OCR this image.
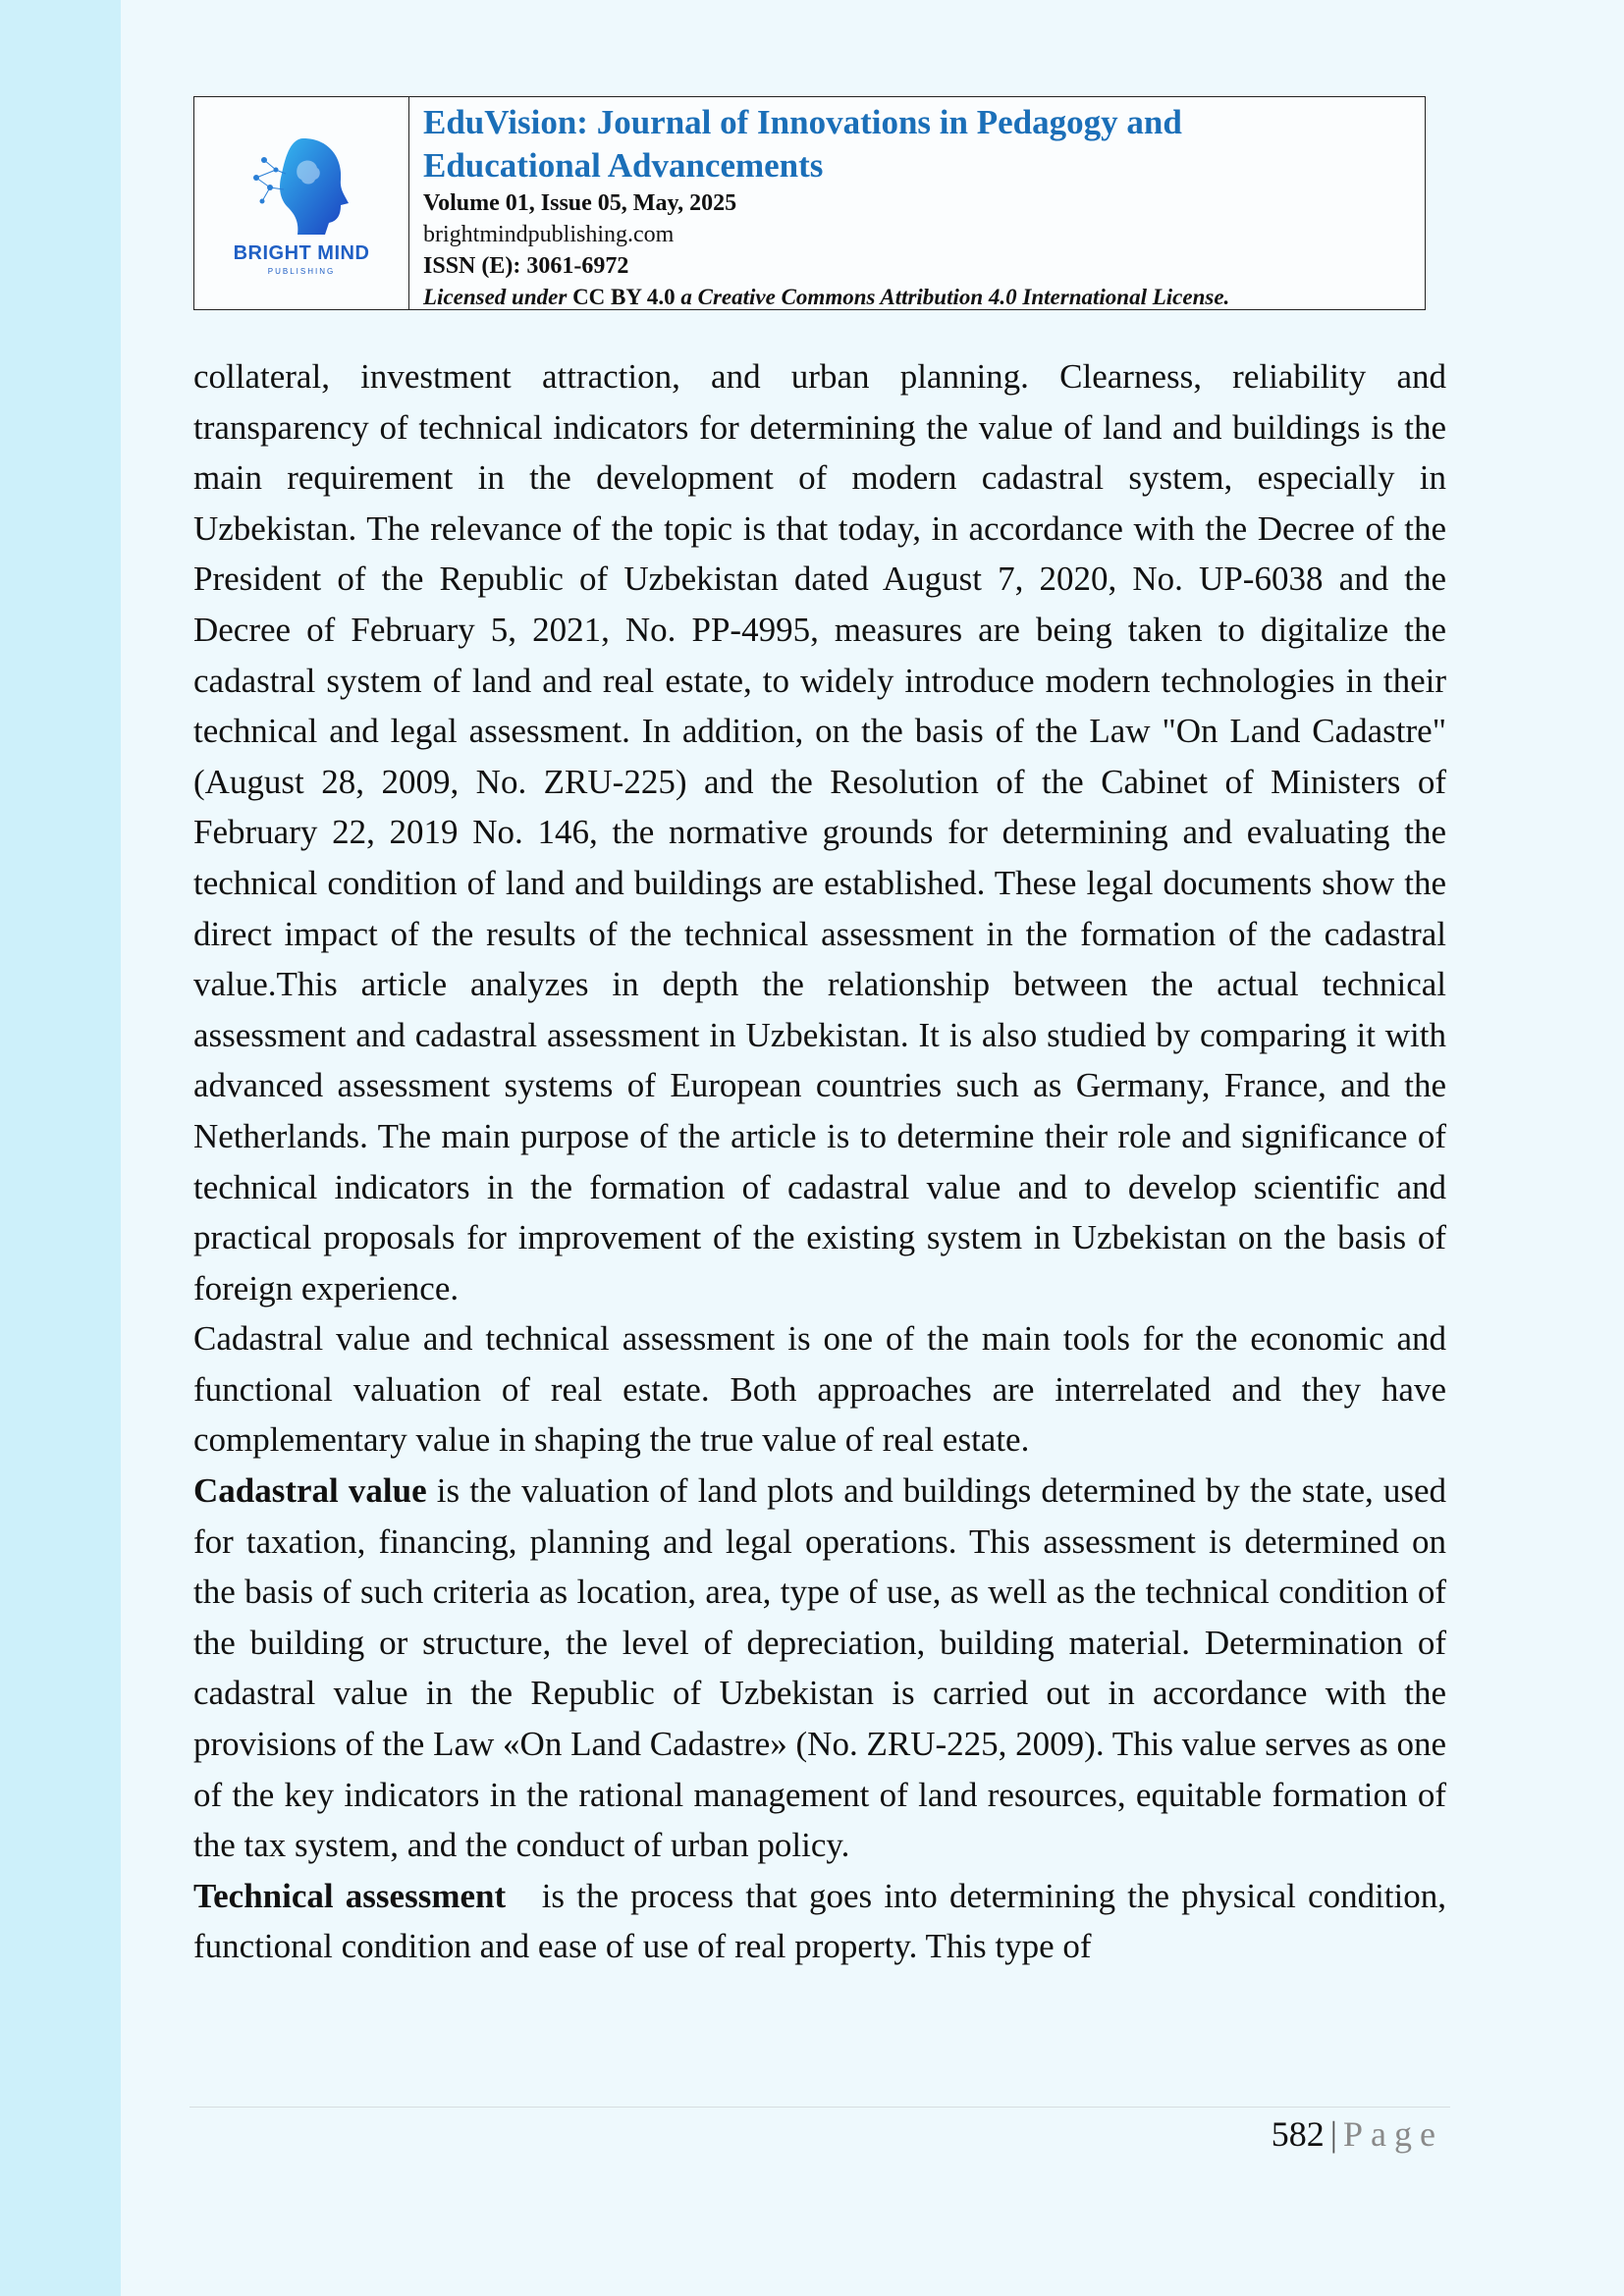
BRIGHT MIND
PUBLISHING

EduVision: Journal of Innovations in Pedagogy and

Educational Advancements

Volume 01, Issue 05, May, 2025

brightmindpublishing.com

ISSN (E): 3061-6972

Licensed under CC BY 4.0 a Creative Commons Attribution 4.0 International License.

collateral, investment attraction, and urban planning. Clearness, reliability and transparency of technical indicators for determining the value of land and buildings is the main requirement in the development of modern cadastral system, especially in Uzbekistan. The relevance of the topic is that today, in accordance with the Decree of the President of the Republic of Uzbekistan dated August 7, 2020, No. UP-6038 and the Decree of February 5, 2021, No. PP-4995, measures are being taken to digitalize the cadastral system of land and real estate, to widely introduce modern technologies in their technical and legal assessment. In addition, on the basis of the Law "On Land Cadastre" (August 28, 2009, No. ZRU-225) and the Resolution of the Cabinet of Ministers of February 22, 2019 No. 146, the normative grounds for determining and evaluating the technical condition of land and buildings are established. These legal documents show the direct impact of the results of the technical assessment in the formation of the cadastral value.This article analyzes in depth the relationship between the actual technical assessment and cadastral assessment in Uzbekistan. It is also studied by comparing it with advanced assessment systems of European countries such as Germany, France, and the Netherlands. The main purpose of the article is to determine their role and significance of technical indicators in the formation of cadastral value and to develop scientific and practical proposals for improvement of the existing system in Uzbekistan on the basis of foreign experience.

Cadastral value and technical assessment is one of the main tools for the economic and functional valuation of real estate. Both approaches are interrelated and they have complementary value in shaping the true value of real estate.

Cadastral value is the valuation of land plots and buildings determined by the state, used for taxation, financing, planning and legal operations. This assessment is determined on the basis of such criteria as location, area, type of use, as well as the technical condition of the building or structure, the level of depreciation, building material. Determination of cadastral value in the Republic of Uzbekistan is carried out in accordance with the provisions of the Law «On Land Cadastre» (No. ZRU-225, 2009). This value serves as one of the key indicators in the rational management of land resources, equitable formation of the tax system, and the conduct of urban policy.

Technical assessment   is the process that goes into determining the physical condition, functional condition and ease of use of real property. This type of

582 | Page
